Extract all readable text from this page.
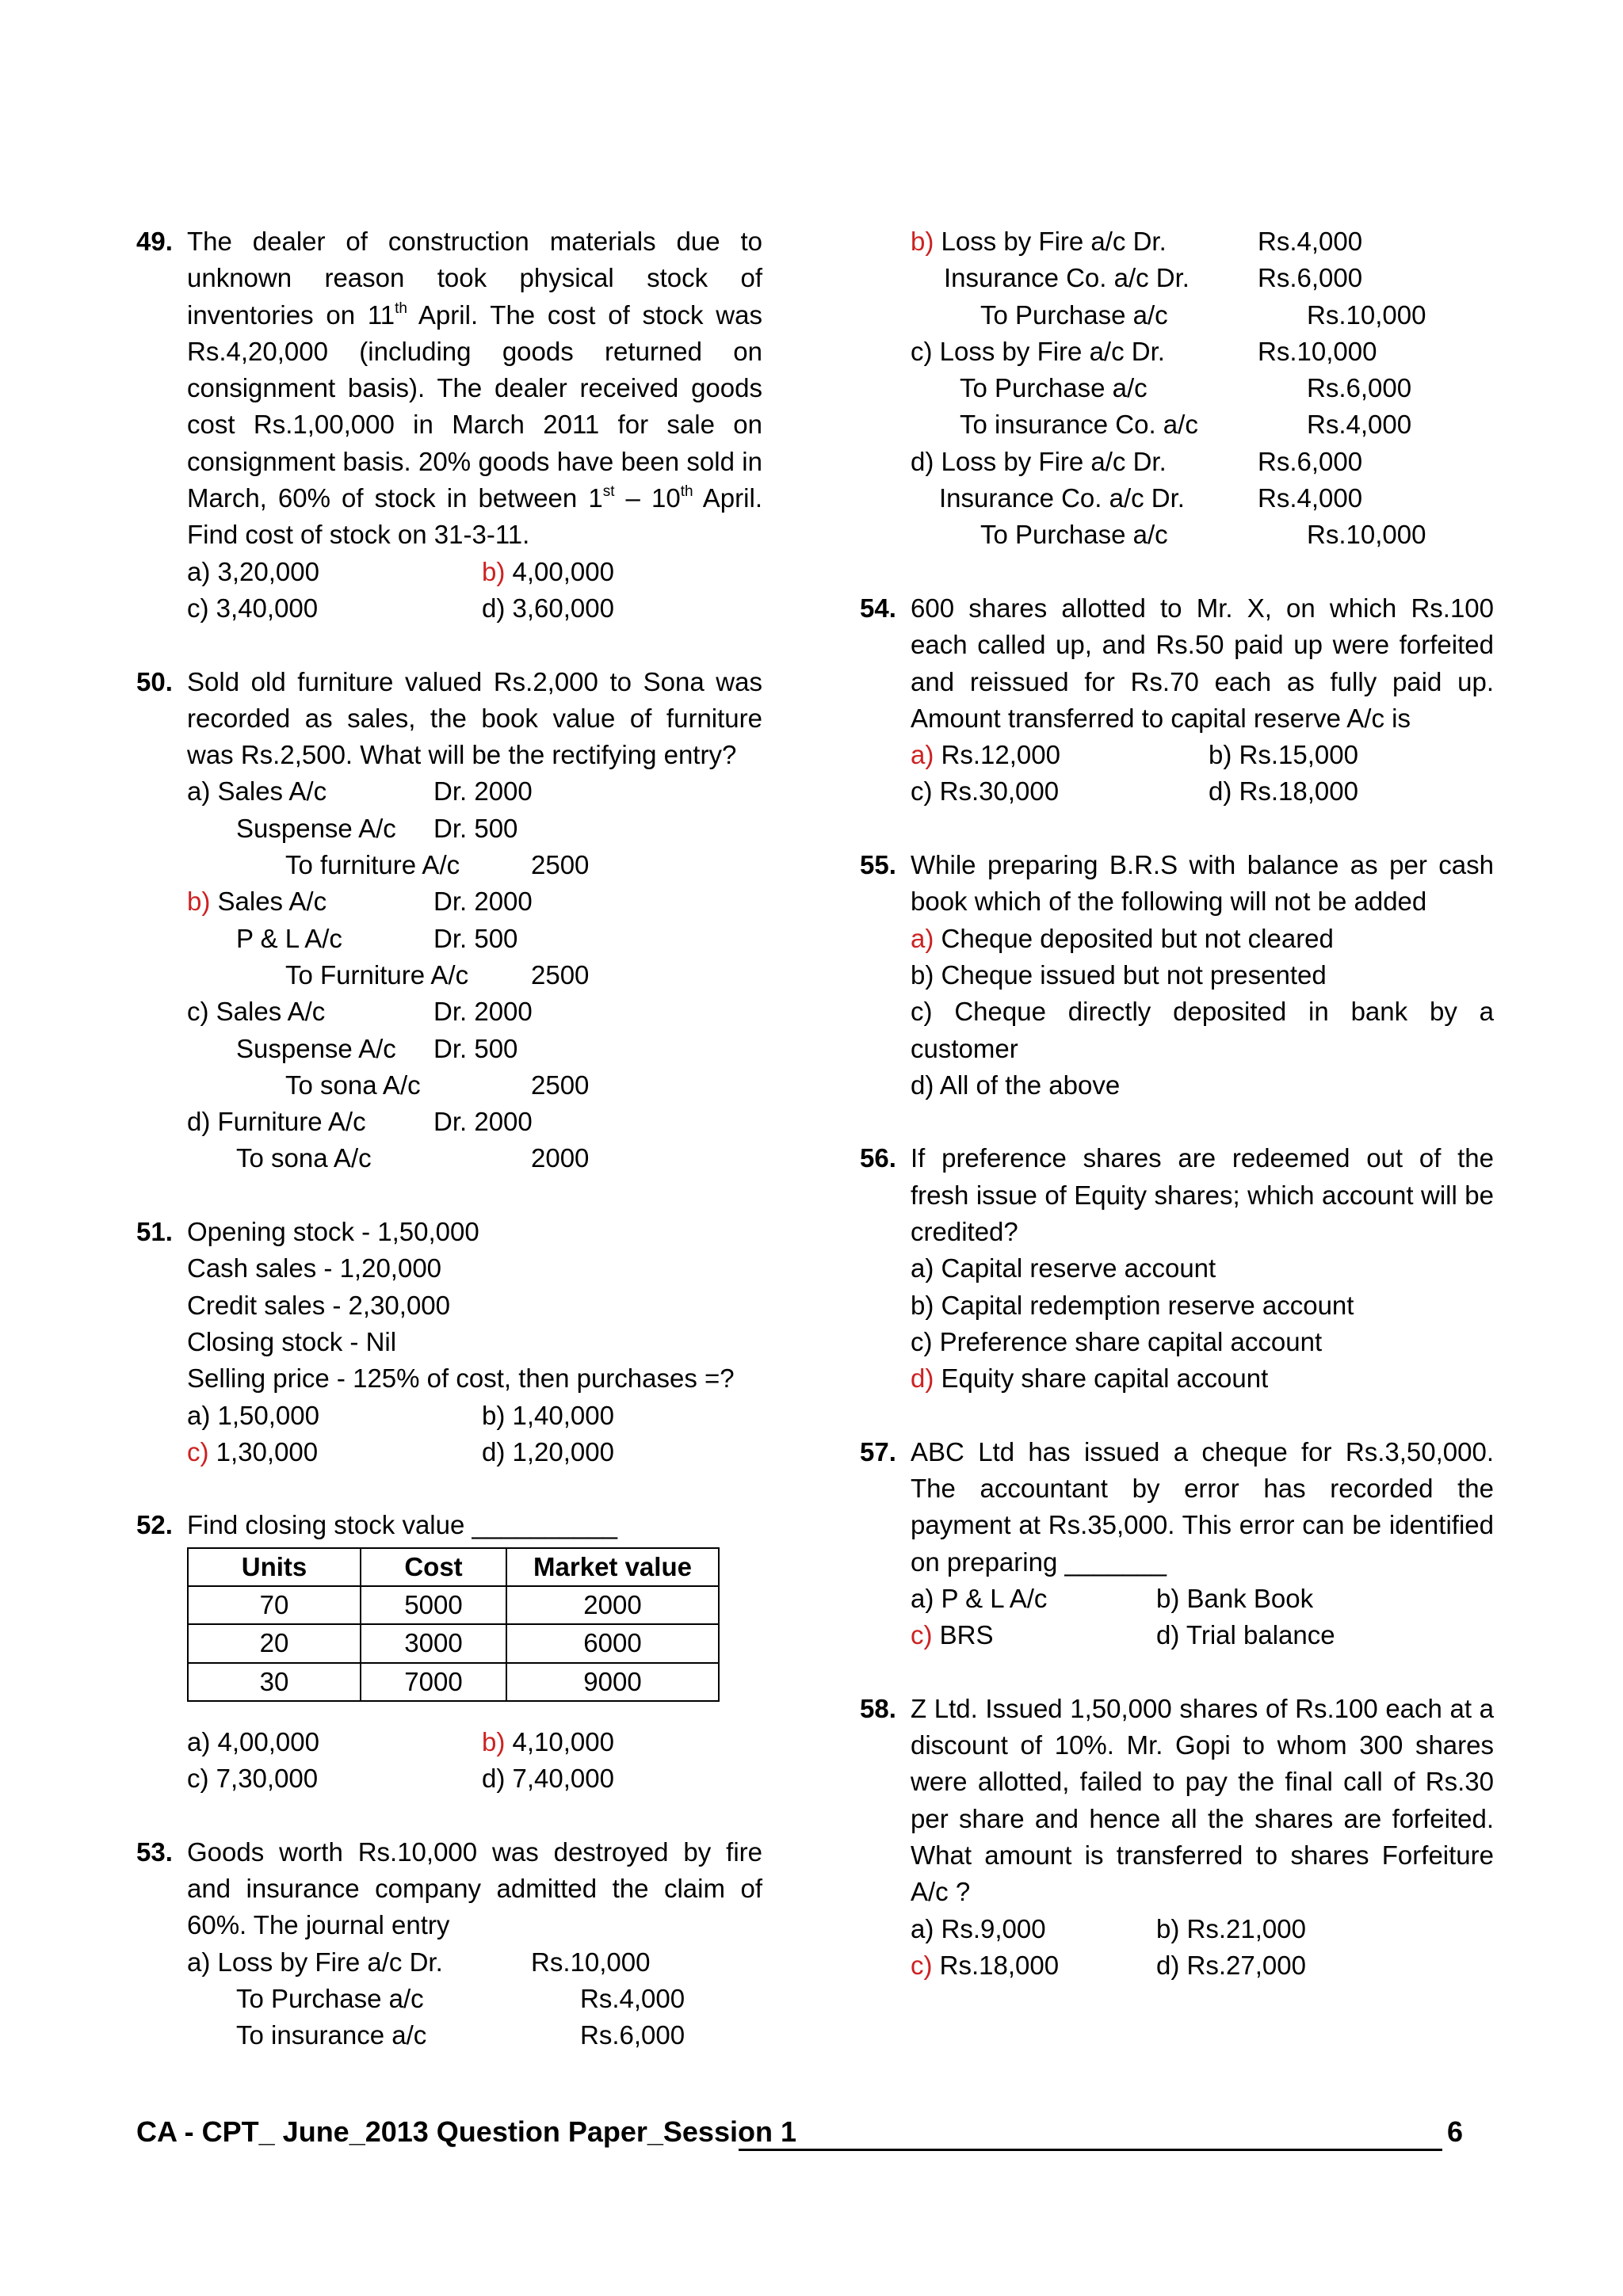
49. The dealer of construction materials due to unknown reason took physical stock of inventories on 11th April. The cost of stock was Rs.4,20,000 (including goods returned on consignment basis). The dealer received goods cost Rs.1,00,000 in March 2011 for sale on consignment basis. 20% goods have been sold in March, 60% of stock in between 1st – 10th April. Find cost of stock on 31-3-11.
a) 3,20,000	b) 4,00,000
c) 3,40,000	d) 3,60,000
50. Sold old furniture valued Rs.2,000 to Sona was recorded as sales, the book value of furniture was Rs.2,500. What will be the rectifying entry?
a) Sales A/c	Dr. 2000
Suspense A/c Dr. 500
To furniture A/c	2500
b) Sales A/c	Dr. 2000
P & L A/c	Dr. 500
To Furniture A/c 2500
c) Sales A/c	Dr. 2000
Suspense A/c Dr. 500
To sona A/c	2500
d) Furniture A/c	Dr. 2000
To sona A/c	2000
51. Opening stock - 1,50,000
Cash sales - 1,20,000
Credit sales - 2,30,000
Closing stock - Nil
Selling price - 125% of cost, then purchases =?
a) 1,50,000	b) 1,40,000
c) 1,30,000	d) 1,20,000
52. Find closing stock value __________
Units	Cost	Market value
70	5000	2000
20	3000	6000
30	7000	9000
a) 4,00,000	b) 4,10,000
c) 7,30,000	d) 7,40,000
53. Goods worth Rs.10,000 was destroyed by fire and insurance company admitted the claim of 60%. The journal entry
a) Loss by Fire a/c Dr.	Rs.10,000
To Purchase a/c	Rs.4,000
To insurance a/c	Rs.6,000
b) Loss by Fire a/c Dr.	Rs.4,000
Insurance Co. a/c Dr.	Rs.6,000
To Purchase a/c	Rs.10,000
c) Loss by Fire a/c Dr.	Rs.10,000
To Purchase a/c	Rs.6,000
To insurance Co. a/c	Rs.4,000
d) Loss by Fire a/c Dr.	Rs.6,000
Insurance Co. a/c Dr.	Rs.4,000
To Purchase a/c	Rs.10,000
54. 600 shares allotted to Mr. X, on which Rs.100 each called up, and Rs.50 paid up were forfeited and reissued for Rs.70 each as fully paid up. Amount transferred to capital reserve A/c is
a) Rs.12,000	b) Rs.15,000
c) Rs.30,000	d) Rs.18,000
55. While preparing B.R.S with balance as per cash book which of the following will not be added
a) Cheque deposited but not cleared
b) Cheque issued but not presented
c) Cheque directly deposited in bank by a customer
d) All of the above
56. If preference shares are redeemed out of the fresh issue of Equity shares; which account will be credited?
a) Capital reserve account
b) Capital redemption reserve account
c) Preference share capital account
d) Equity share capital account
57. ABC Ltd has issued a cheque for Rs.3,50,000. The accountant by error has recorded the payment at Rs.35,000. This error can be identified on preparing _______
a) P & L A/c	b) Bank Book
c) BRS	d) Trial balance
58. Z Ltd. Issued 1,50,000 shares of Rs.100 each at a discount of 10%. Mr. Gopi to whom 300 shares were allotted, failed to pay the final call of Rs.30 per share and hence all the shares are forfeited. What amount is transferred to shares Forfeiture A/c ?
a) Rs.9,000	b) Rs.21,000
c) Rs.18,000	d) Rs.27,000
CA - CPT_ June_2013 Question Paper_Session 1	6
